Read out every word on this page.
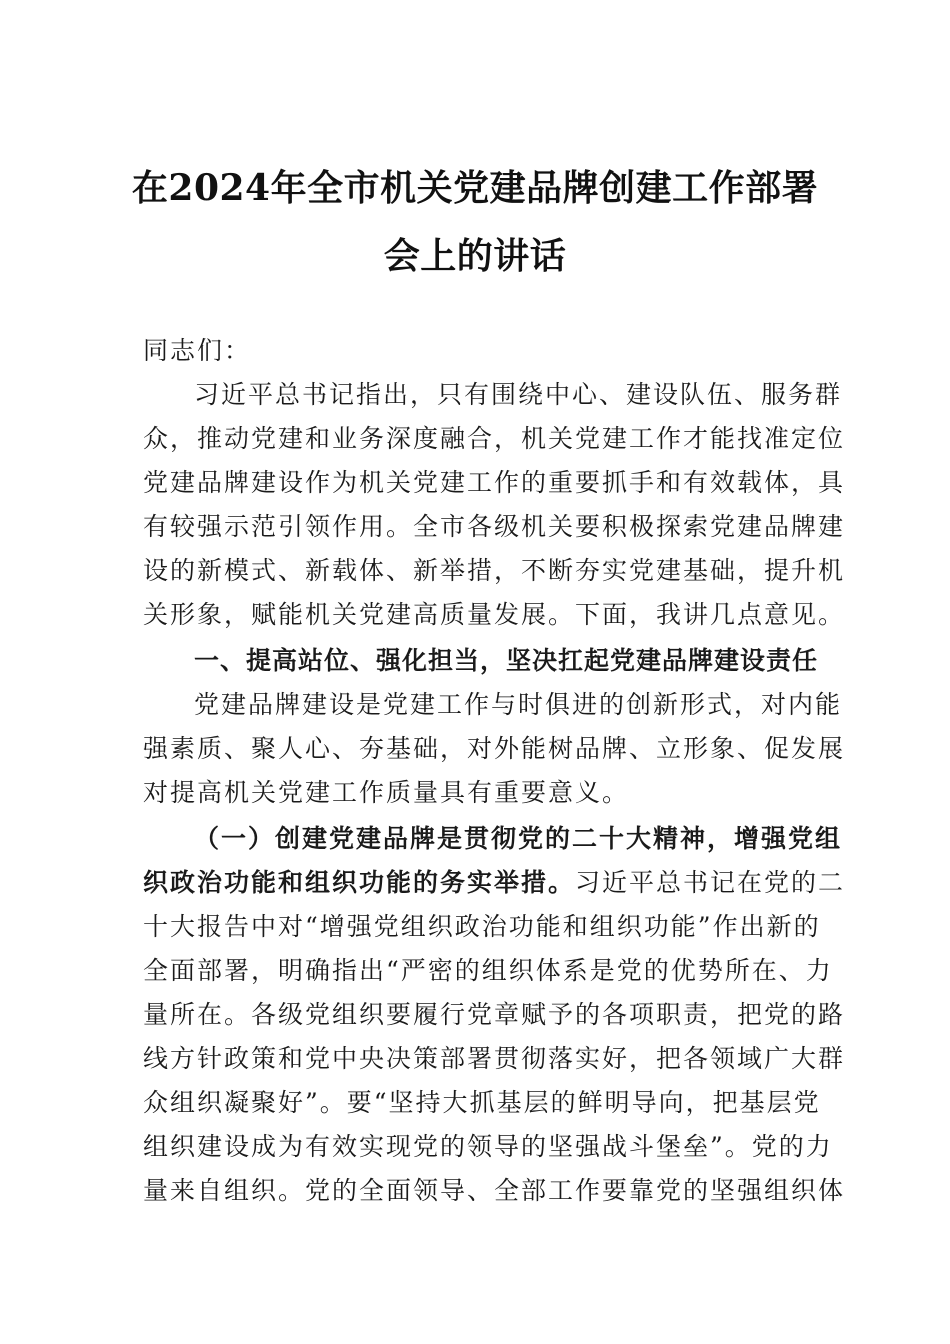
在2024年全市机关党建品牌创建工作部署
会上的讲话
同志们：
习近平总书记指出，只有围绕中心、建设队伍、服务群
众，推动党建和业务深度融合，机关党建工作才能找准定位
党建品牌建设作为机关党建工作的重要抓手和有效载体，具
有较强示范引领作用。全市各级机关要积极探索党建品牌建
设的新模式、新载体、新举措，不断夯实党建基础，提升机
关形象，赋能机关党建高质量发展。下面，我讲几点意见。
一、提高站位、强化担当，坚决扛起党建品牌建设责任
党建品牌建设是党建工作与时俱进的创新形式，对内能
强素质、聚人心、夯基础，对外能树品牌、立形象、促发展
对提高机关党建工作质量具有重要意义。
（一）创建党建品牌是贯彻党的二十大精神，增强党组
织政治功能和组织功能的务实举措。习近平总书记在党的二
十大报告中对“增强党组织政治功能和组织功能”作出新的
全面部署，明确指出“严密的组织体系是党的优势所在、力
量所在。各级党组织要履行党章赋予的各项职责，把党的路
线方针政策和党中央决策部署贯彻落实好，把各领域广大群
众组织凝聚好”。要“坚持大抓基层的鲜明导向，把基层党
组织建设成为有效实现党的领导的坚强战斗堡垒”。党的力
量来自组织。党的全面领导、全部工作要靠党的坚强组织体
